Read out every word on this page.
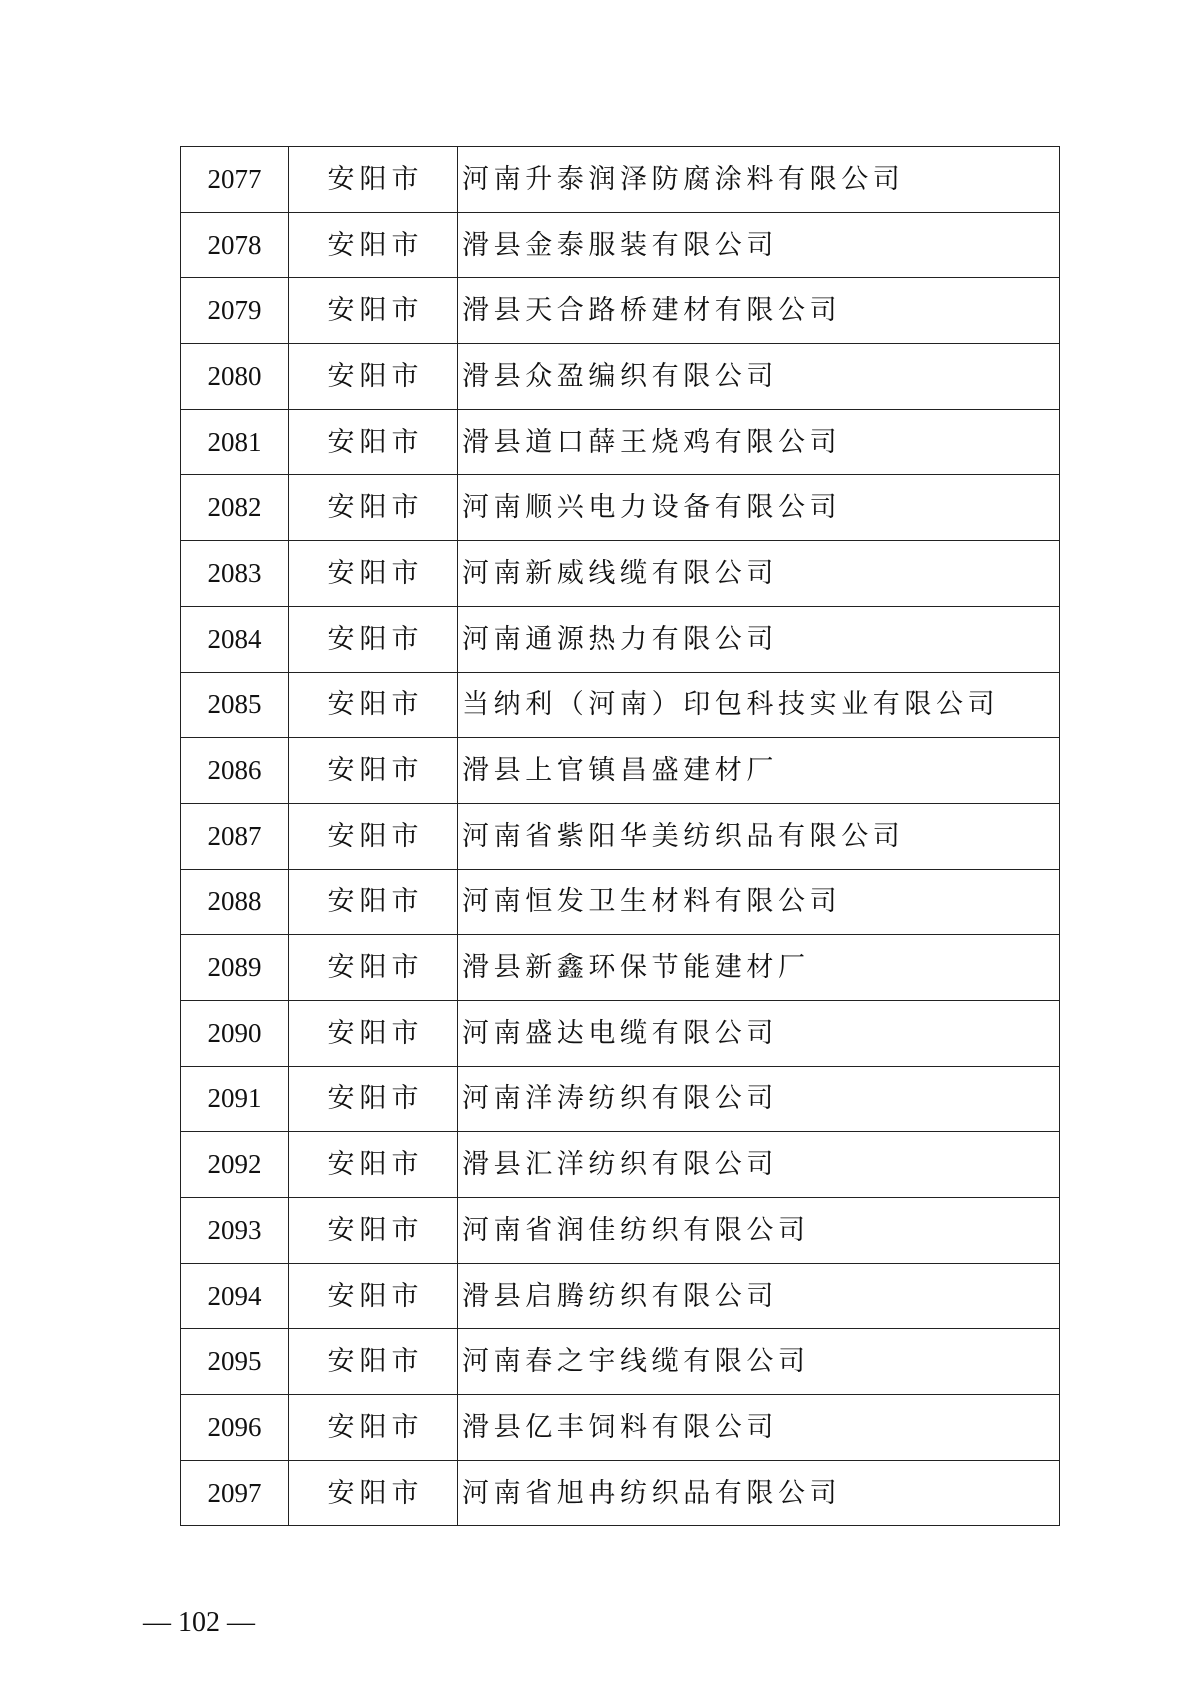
2077	安阳市	河南升泰润泽防腐涂料有限公司
2078	安阳市	滑县金泰服装有限公司
2079	安阳市	滑县天合路桥建材有限公司
2080	安阳市	滑县众盈编织有限公司
2081	安阳市	滑县道口薛王烧鸡有限公司
2082	安阳市	河南顺兴电力设备有限公司
2083	安阳市	河南新威线缆有限公司
2084	安阳市	河南通源热力有限公司
2085	安阳市	当纳利（河南）印包科技实业有限公司
2086	安阳市	滑县上官镇昌盛建材厂
2087	安阳市	河南省紫阳华美纺织品有限公司
2088	安阳市	河南恒发卫生材料有限公司
2089	安阳市	滑县新鑫环保节能建材厂
2090	安阳市	河南盛达电缆有限公司
2091	安阳市	河南洋涛纺织有限公司
2092	安阳市	滑县汇洋纺织有限公司
2093	安阳市	河南省润佳纺织有限公司
2094	安阳市	滑县启腾纺织有限公司
2095	安阳市	河南春之宇线缆有限公司
2096	安阳市	滑县亿丰饲料有限公司
2097	安阳市	河南省旭冉纺织品有限公司
— 102 —
